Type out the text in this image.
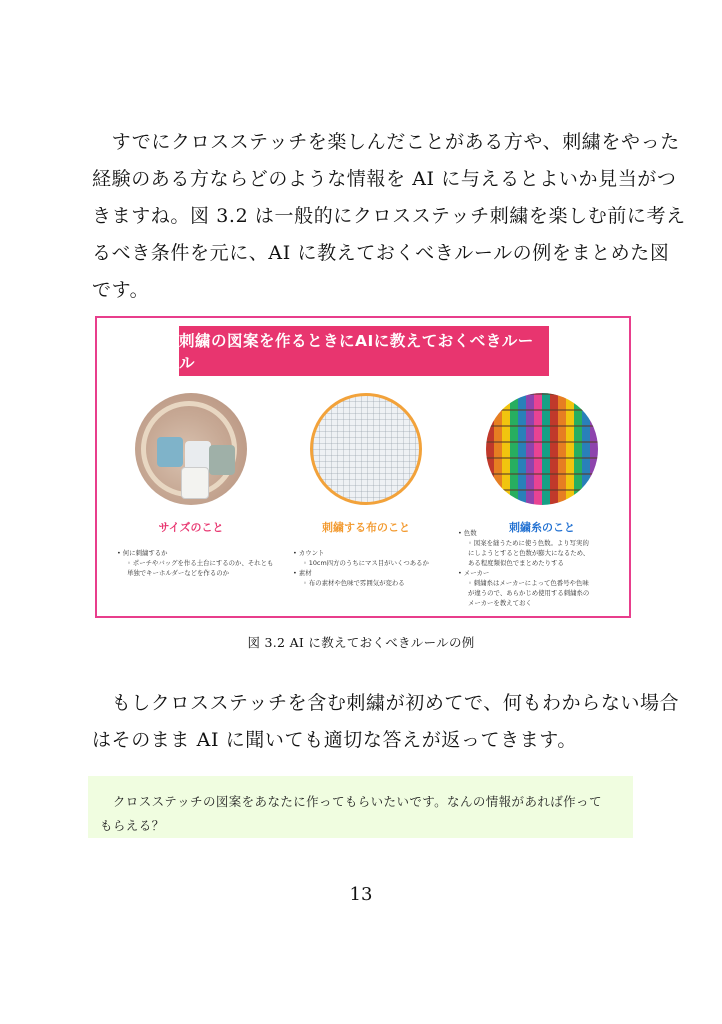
　すでにクロスステッチを楽しんだことがある方や、刺繍をやった
経験のある方ならどのような情報を AI に与えるとよいか見当がつ
きますね。図 3.2 は一般的にクロスステッチ刺繍を楽しむ前に考え
るべき条件を元に、AI に教えておくべきルールの例をまとめた図
です。
刺繍の図案を作るときにAIに教えておくべきルール
サイズのこと	刺繍する布のこと	刺繍糸のこと
• 何に刺繍するか
◦ ポーチやバッグを作る土台にするのか、それとも
単独でキーホルダーなどを作るのか
• カウント
◦ 10cm四方のうちにマス目がいくつあるか
• 素材
◦ 布の素材や色味で雰囲気が変わる
• 色数
◦ 図案を縫うために使う色数。より写実的
にしようとすると色数が膨大になるため、
ある程度類似色でまとめたりする
• メーカー
◦ 刺繍糸はメーカーによって色番号や色味
が違うので、あらかじめ使用する刺繍糸の
メーカーを教えておく
図 3.2 AI に教えておくべきルールの例
　もしクロスステッチを含む刺繍が初めてで、何もわからない場合
はそのまま AI に聞いても適切な答えが返ってきます。
　クロスステッチの図案をあなたに作ってもらいたいです。なんの情報があれば作って
もらえる？
13
